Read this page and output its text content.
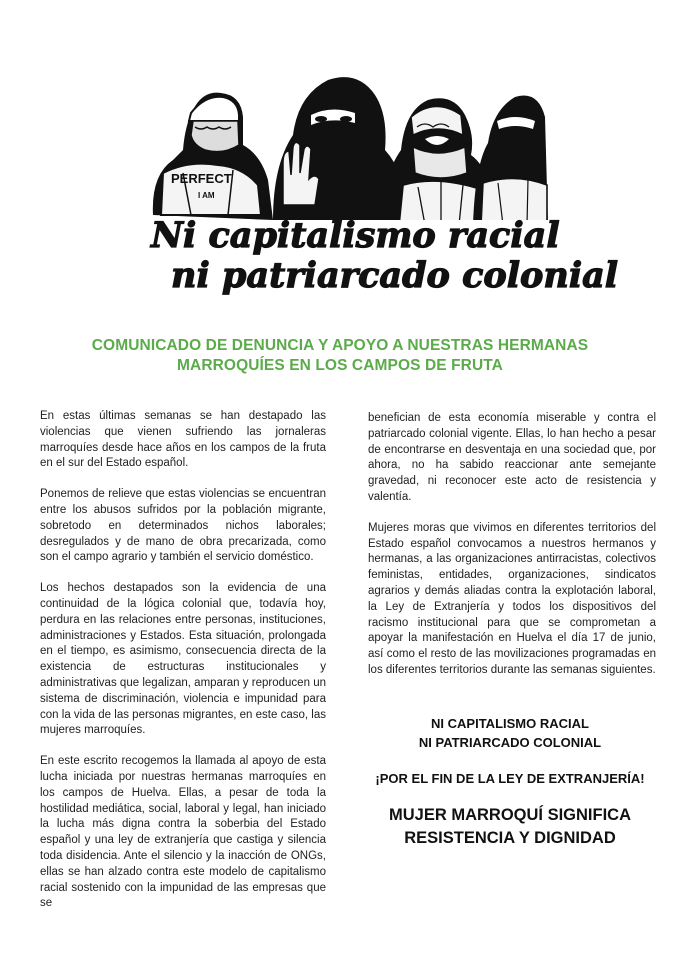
PERFECT
I AM
Ni capitalismo racial
ni patriarcado colonial
COMUNICADO DE DENUNCIA Y APOYO A NUESTRAS HERMANAS
MARROQUÍES EN LOS CAMPOS DE FRUTA

En estas últimas semanas se han destapado las violencias que vienen sufriendo las jornaleras marroquíes desde hace años en los campos de la fruta en el sur del Estado español.

Ponemos de relieve que estas violencias se encuentran entre los abusos sufridos por la población migrante, sobretodo en determinados nichos laborales; desregulados y de mano de obra precarizada, como son el campo agrario y también el servicio doméstico.

Los hechos destapados son la evidencia de una continuidad de la lógica colonial que, todavía hoy, perdura en las relaciones entre personas, instituciones, administraciones y Estados. Esta situación, prolongada en el tiempo, es asimismo, consecuencia directa de la existencia de estructuras institucionales y administrativas que legalizan, amparan y reproducen un sistema de discriminación, violencia e impunidad para con la vida de las personas migrantes, en este caso, las mujeres marroquíes.

En este escrito recogemos la llamada al apoyo de esta lucha iniciada por nuestras hermanas marroquíes en los campos de Huelva. Ellas, a pesar de toda la hostilidad mediática, social, laboral y legal, han iniciado la lucha más digna contra la soberbia del Estado español y una ley de extranjería que castiga y silencia toda disidencia. Ante el silencio y la inacción de ONGs, ellas se han alzado contra este modelo de capitalismo racial sostenido con la impunidad de las empresas que se

benefician de esta economía miserable y contra el patriarcado colonial vigente. Ellas, lo han hecho a pesar de encontrarse en desventaja en una sociedad que, por ahora, no ha sabido reaccionar ante semejante gravedad, ni reconocer este acto de resistencia y valentía.

Mujeres moras que vivimos en diferentes territorios del Estado español convocamos a nuestros hermanos y hermanas, a las organizaciones antirracistas, colectivos feministas, entidades, organizaciones, sindicatos agrarios y demás aliadas contra la explotación laboral, la Ley de Extranjería y todos los dispositivos del racismo institucional para que se comprometan a apoyar la manifestación en Huelva el día 17 de junio, así como el resto de las movilizaciones programadas en los diferentes territorios durante las semanas siguientes.

NI CAPITALISMO RACIAL
NI PATRIARCADO COLONIAL
¡POR EL FIN DE LA LEY DE EXTRANJERÍA!
MUJER MARROQUÍ SIGNIFICA
RESISTENCIA Y DIGNIDAD
